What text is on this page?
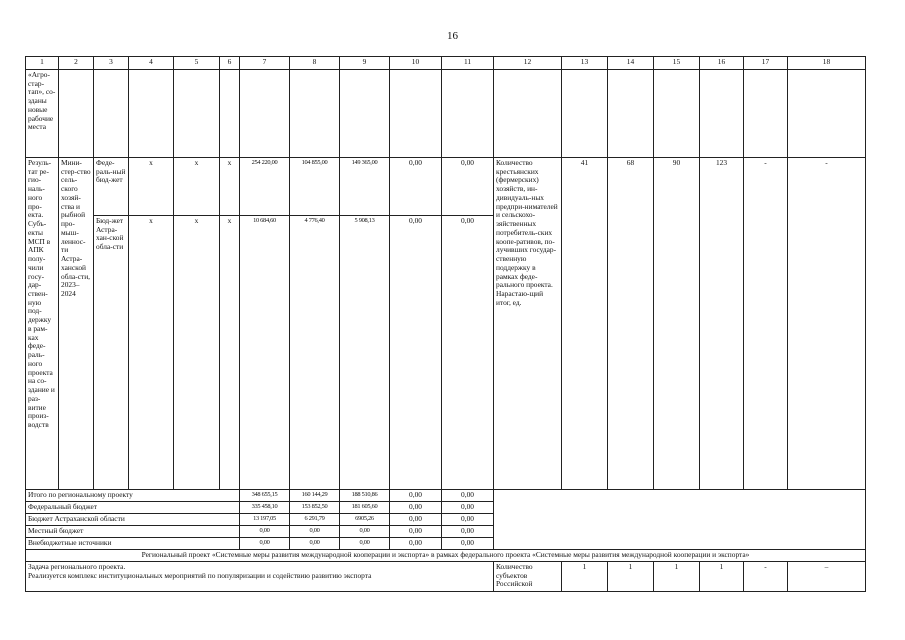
16
1	2	3	4	5	6	7	8	9	10	11	12	13	14	15	16	17	18
«Агро-стар-тап», со-зданы новые рабочие места																	
Резуль-тат ре-гио-наль-ного про-екта. Субъ-екты МСП в АПК полу-чили госу-дар-ствен-ную под-держку в рам-ках феде-раль-ного проекта на со-здание и раз-витие произ-водств	Мини-стер-ство сель-ского хозяй-ства и рыбной про-мыш-леннос-ти Астра-ханской обла-сти, 2023–2024	Феде-раль-ный бюд-жет	х	х	х	254 220,00	104 855,00	149 365,00	0,00	0,00	Количество крестьянских (фермерских) хозяйств, ин-дивидуаль-ных предпри-нимателей и сельскохо-зяйственных потребитель-ских коопе-ративов, по-лучивших государ-ственную поддержку в рамках феде-рального проекта. Нарастаю-щий итог, ед.	41	68	90	123	-	-
		Бюд-жет Астра-хан-ской обла-сти	х	х	х	10 684,60	4 776,40	5 908,13	0,00	0,00							
Итого по региональному проекту						348 655,15	160 144,29	188 510,86	0,00	0,00							
Федеральный бюджет						335 458,10	153 852,50	181 605,60	0,00	0,00							
Бюджет Астраханской области						13 197,05	6 291,79	6905,26	0,00	0,00							
Местный бюджет						0,00	0,00	0,00	0,00	0,00							
Внебюджетные источники						0,00	0,00	0,00	0,00	0,00							
Региональный проект «Системные меры развития международной кооперации и экспорта» в рамках федерального проекта «Системные меры развития международной кооперации и экспорта»																	

Задача регионального проекта.
Реализуется комплекс институциональных мероприятий по популяризации и содействию развитию экспорта											Количество субъектов Российской	1	1	1	1	-	–
